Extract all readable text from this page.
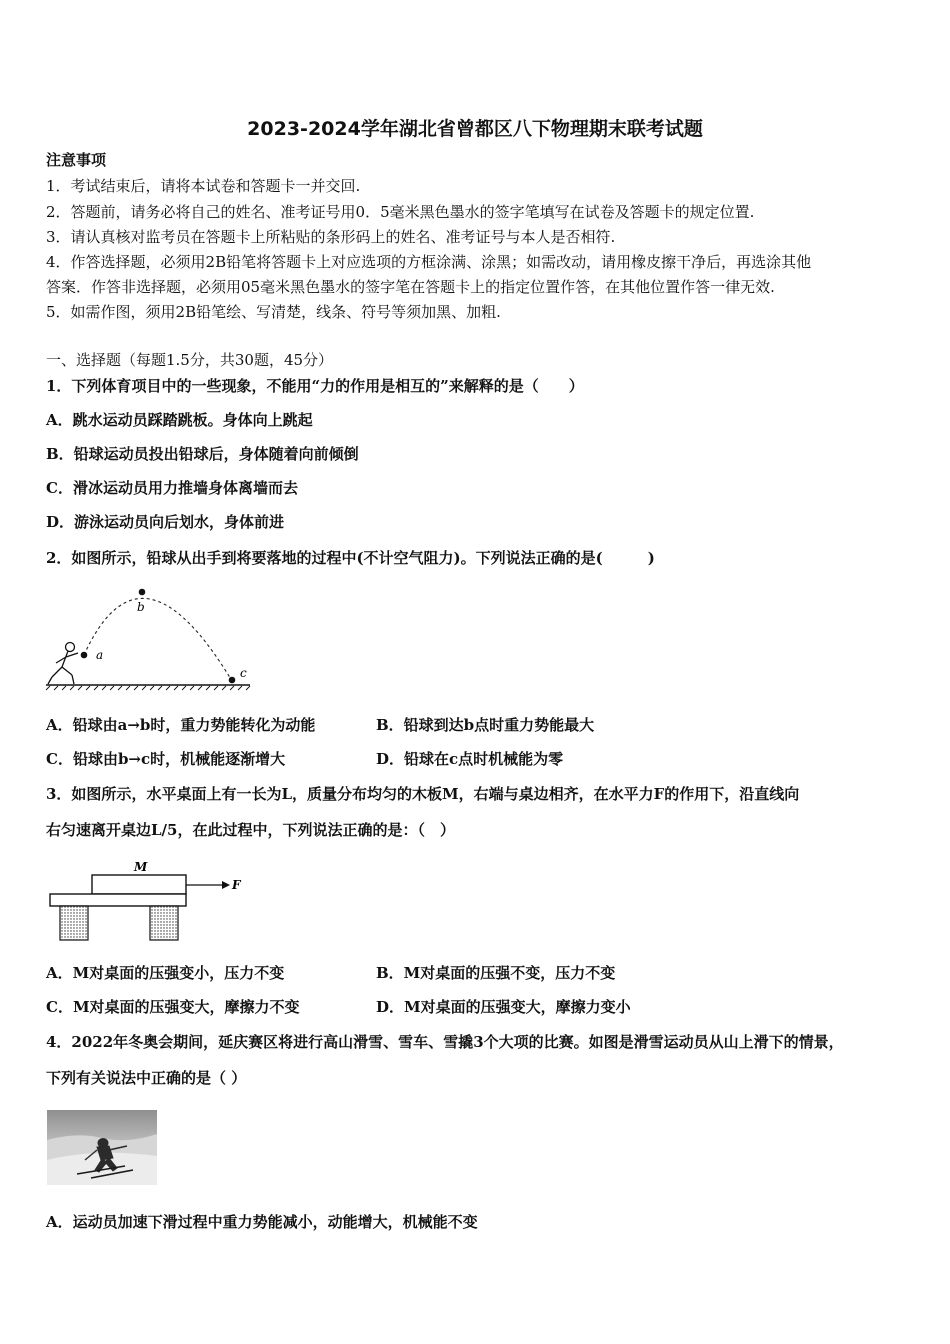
2023-2024学年湖北省曾都区八下物理期末联考试题
注意事项
1．考试结束后，请将本试卷和答题卡一并交回.
2．答题前，请务必将自己的姓名、准考证号用0．5毫米黑色墨水的签字笔填写在试卷及答题卡的规定位置.
3．请认真核对监考员在答题卡上所粘贴的条形码上的姓名、准考证号与本人是否相符.
4．作答选择题，必须用2B铅笔将答题卡上对应选项的方框涂满、涂黑；如需改动，请用橡皮擦干净后，再选涂其他
答案．作答非选择题，必须用05毫米黑色墨水的签字笔在答题卡上的指定位置作答，在其他位置作答一律无效.
5．如需作图，须用2B铅笔绘、写清楚，线条、符号等须加黑、加粗.
一、选择题（每题1.5分，共30题，45分）
1．下列体育项目中的一些现象，不能用“力的作用是相互的”来解释的是（　　）
A．跳水运动员踩踏跳板。身体向上跳起
B．铅球运动员投出铅球后，身体随着向前倾倒
C．滑冰运动员用力推墙身体离墙而去
D．游泳运动员向后划水，身体前进
2．如图所示，铅球从出手到将要落地的过程中(不计空气阻力)。下列说法正确的是(　　　)
a
b
c
A．铅球由a→b时，重力势能转化为动能	B．铅球到达b点时重力势能最大
C．铅球由b→c时，机械能逐渐增大	D．铅球在c点时机械能为零
3．如图所示，水平桌面上有一长为L，质量分布均匀的木板M，右端与桌边相齐，在水平力F的作用下，沿直线向
右匀速离开桌边L/5，在此过程中，下列说法正确的是：（　）
M
F
A．M对桌面的压强变小，压力不变	B．M对桌面的压强不变，压力不变
C．M对桌面的压强变大，摩擦力不变	D．M对桌面的压强变大，摩擦力变小
4．2022年冬奥会期间，延庆赛区将进行高山滑雪、雪车、雪撬3个大项的比赛。如图是滑雪运动员从山上滑下的情景，
下列有关说法中正确的是（ ）
A．运动员加速下滑过程中重力势能减小，动能增大，机械能不变
